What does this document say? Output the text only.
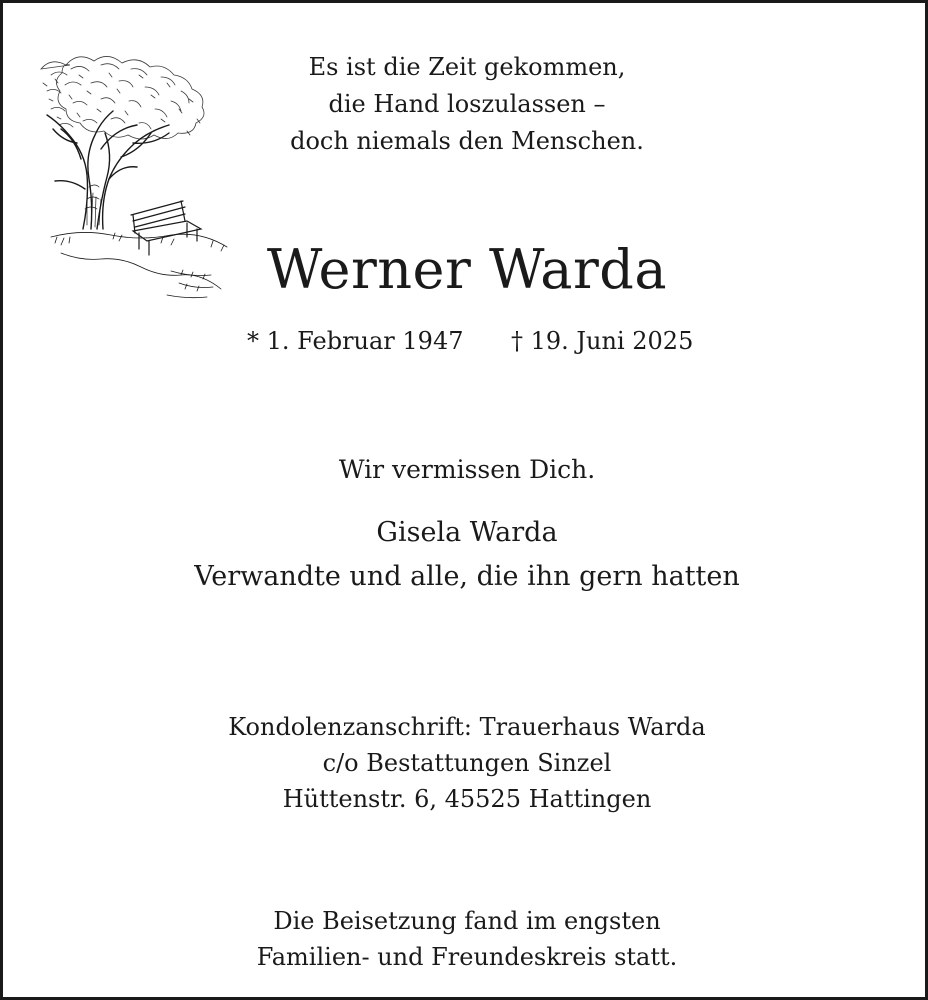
Es ist die Zeit gekommen,
die Hand loszulassen –
doch niemals den Menschen.
Werner Warda
* 1. Februar 1947 † 19. Juni 2025
Wir vermissen Dich.
Gisela Warda
Verwandte und alle, die ihn gern hatten
Kondolenzanschrift: Trauerhaus Warda
c/o Bestattungen Sinzel
Hüttenstr. 6, 45525 Hattingen
Die Beisetzung fand im engsten
Familien- und Freundeskreis statt.
